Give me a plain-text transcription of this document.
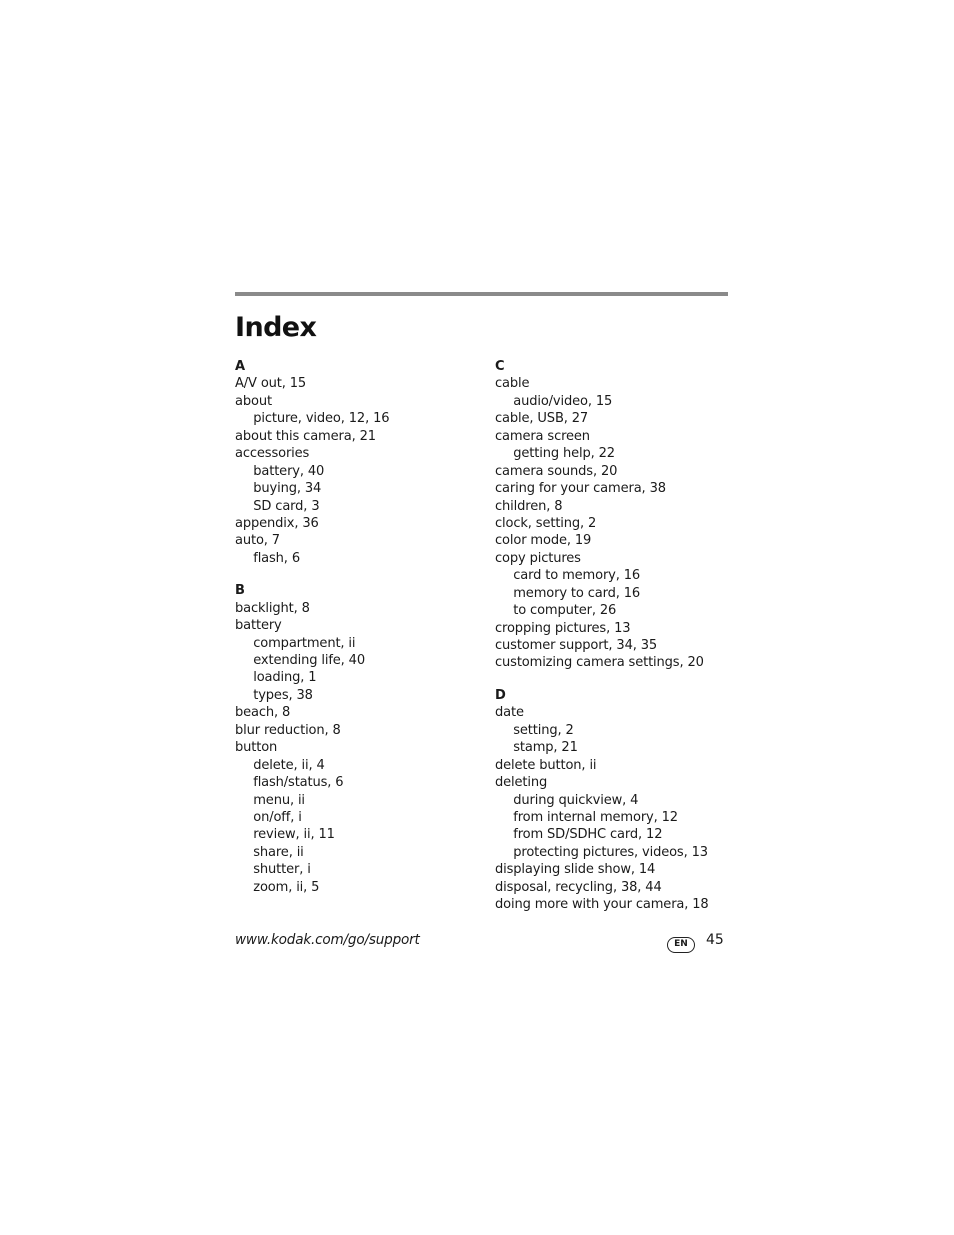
Index
A
A/V out, 15
about
picture, video, 12, 16
about this camera, 21
accessories
battery, 40
buying, 34
SD card, 3
appendix, 36
auto, 7
flash, 6
B
backlight, 8
battery
compartment, ii
extending life, 40
loading, 1
types, 38
beach, 8
blur reduction, 8
button
delete, ii, 4
flash/status, 6
menu, ii
on/off, i
review, ii, 11
share, ii
shutter, i
zoom, ii, 5
C
cable
audio/video, 15
cable, USB, 27
camera screen
getting help, 22
camera sounds, 20
caring for your camera, 38
children, 8
clock, setting, 2
color mode, 19
copy pictures
card to memory, 16
memory to card, 16
to computer, 26
cropping pictures, 13
customer support, 34, 35
customizing camera settings, 20
D
date
setting, 2
stamp, 21
delete button, ii
deleting
during quickview, 4
from internal memory, 12
from SD/SDHC card, 12
protecting pictures, videos, 13
displaying slide show, 14
disposal, recycling, 38, 44
doing more with your camera, 18
www.kodak.com/go/support	EN	45
